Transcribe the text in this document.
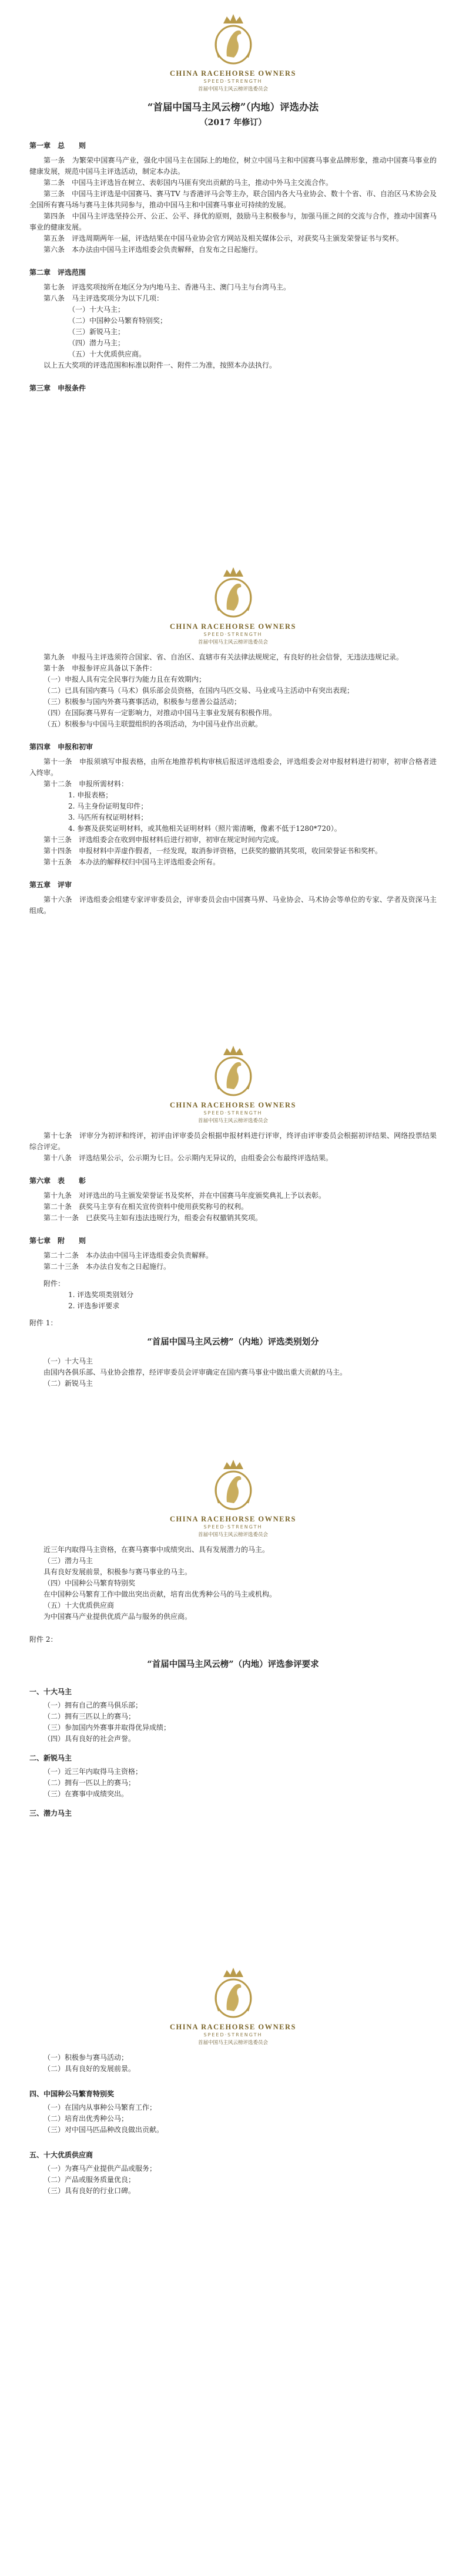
CHINA RACEHORSE OWNERS
SPEED·STRENGTH
首届中国马主风云榜评选委员会

“首届中国马主风云榜”（内地）评选办法

（2017 年修订）

第一章　总　　则

第一条　为繁荣中国赛马产业，强化中国马主在国际上的地位，树立中国马主和中国赛马事业品牌形象，推动中国赛马事业的健康发展，规范中国马主评选活动，制定本办法。

第二条　中国马主评选旨在树立、表彰国内马匪有突出贡献的马主，推动中外马主交流合作。

第三条　中国马主评选是中国赛马、赛马TV 与香港评马会等主办，联合国内各大马业协会、数十个省、市、自治区马术协会及全国所有赛马场与赛马主体共同参与，推动中国马主和中国赛马事业可持续的发展。

第四条　中国马主评选坚持公开、公正、公平、择优的原则，鼓励马主积极参与，加强马匪之间的交流与合作，推动中国赛马事业的健康发展。

第五条　评选周期两年一届，评选结果在中国马业协会官方网站及相关媒体公示，对获奖马主颁发荣誉证书与奖杯。

第六条　本办法由中国马主评选组委会负责解释，自发布之日起施行。

第二章　评选范围

第七条　评选奖项按所在地区分为内地马主、香港马主、澳门马主与台湾马主。

第八条　马主评选奖项分为以下几项：

（一）十大马主；

（二）中国种公马繁育特别奖；

（三）新锐马主；

（四）潜力马主；

（五）十大优质供应商。

以上五大奖项的评选范围和标准以附件一、附件二为准，按照本办法执行。

第三章　申报条件

CHINA RACEHORSE OWNERS
SPEED·STRENGTH
首届中国马主风云榜评选委员会

第九条　申报马主评选须符合国家、省、自治区、直辖市有关法律法规规定，有良好的社会信誉，无违法违规记录。

第十条　申报参评应具备以下条件：

（一）申报人具有完全民事行为能力且在有效期内；

（二）已具有国内赛马（马术）俱乐部会员资格，在国内马匹交易、马业或马主活动中有突出表现；

（三）积极参与国内外赛马赛事活动，积极参与慈善公益活动；

（四）在国际赛马界有一定影响力，对推动中国马主事业发展有积极作用。

（五）积极参与中国马主联盟组织的各项活动，为中国马业作出贡献。

第四章　申报和初审

第十一条　申报须填写申报表格，由所在地推荐机构审核后报送评选组委会，评选组委会对申报材料进行初审，初审合格者进入终审。

第十二条　申报所需材料：

1. 申报表格；

2. 马主身份证明复印件；

3. 马匹所有权证明材料；

4. 参赛及获奖证明材料，或其他相关证明材料（照片需清晰，像素不低于1280*720）。

第十三条　评选组委会在收到申报材料后进行初审，初审在规定时间内完成。

第十四条　申报材料中弄虚作假者，一经发现，取消参评资格，已获奖的撤销其奖项，收回荣誉证书和奖杯。

第十五条　本办法的解释权归中国马主评选组委会所有。

第五章　评审

第十六条　评选组委会组建专家评审委员会，评审委员会由中国赛马界、马业协会、马术协会等单位的专家、学者及资深马主组成。

CHINA RACEHORSE OWNERS
SPEED·STRENGTH
首届中国马主风云榜评选委员会

第十七条　评审分为初评和终评，初评由评审委员会根据申报材料进行评审，终评由评审委员会根据初评结果、网络投票结果综合评定。

第十八条　评选结果公示，公示期为七日。公示期内无异议的，由组委会公布最终评选结果。

第六章　表　　彰

第十九条　对评选出的马主颁发荣誉证书及奖杯，并在中国赛马年度颁奖典礼上予以表彰。

第二十条　获奖马主享有在相关宣传资料中使用获奖称号的权利。

第二十一条　已获奖马主如有违法违规行为，组委会有权撤销其奖项。

第七章　附　　则

第二十二条　本办法由中国马主评选组委会负责解释。

第二十三条　本办法自发布之日起施行。

附件：

1. 评选奖项类别划分

2. 评选参评要求

附件 1：

“首届中国马主风云榜”（内地）评选类别划分

（一）十大马主

由国内各俱乐部、马业协会推荐，经评审委员会评审确定在国内赛马事业中做出重大贡献的马主。

（二）新锐马主

CHINA RACEHORSE OWNERS
SPEED·STRENGTH
首届中国马主风云榜评选委员会

近三年内取得马主资格，在赛马赛事中成绩突出、具有发展潜力的马主。

（三）潜力马主

具有良好发展前景，积极参与赛马事业的马主。

（四）中国种公马繁育特别奖

在中国种公马繁育工作中做出突出贡献，培育出优秀种公马的马主或机构。

（五）十大优质供应商

为中国赛马产业提供优质产品与服务的供应商。

附件 2：

“首届中国马主风云榜”（内地）评选参评要求

一、十大马主

（一）拥有自己的赛马俱乐部；

（二）拥有三匹以上的赛马；

（三）参加国内外赛事并取得优异成绩；

（四）具有良好的社会声誉。

二、新锐马主

（一）近三年内取得马主资格；

（二）拥有一匹以上的赛马；

（三）在赛事中成绩突出。

三、潜力马主

CHINA RACEHORSE OWNERS
SPEED·STRENGTH
首届中国马主风云榜评选委员会

（一）积极参与赛马活动；

（二）具有良好的发展前景。

四、中国种公马繁育特别奖

（一）在国内从事种公马繁育工作；

（二）培育出优秀种公马；

（三）对中国马匹品种改良做出贡献。

五、十大优质供应商

（一）为赛马产业提供产品或服务；

（二）产品或服务质量优良；

（三）具有良好的行业口碑。
